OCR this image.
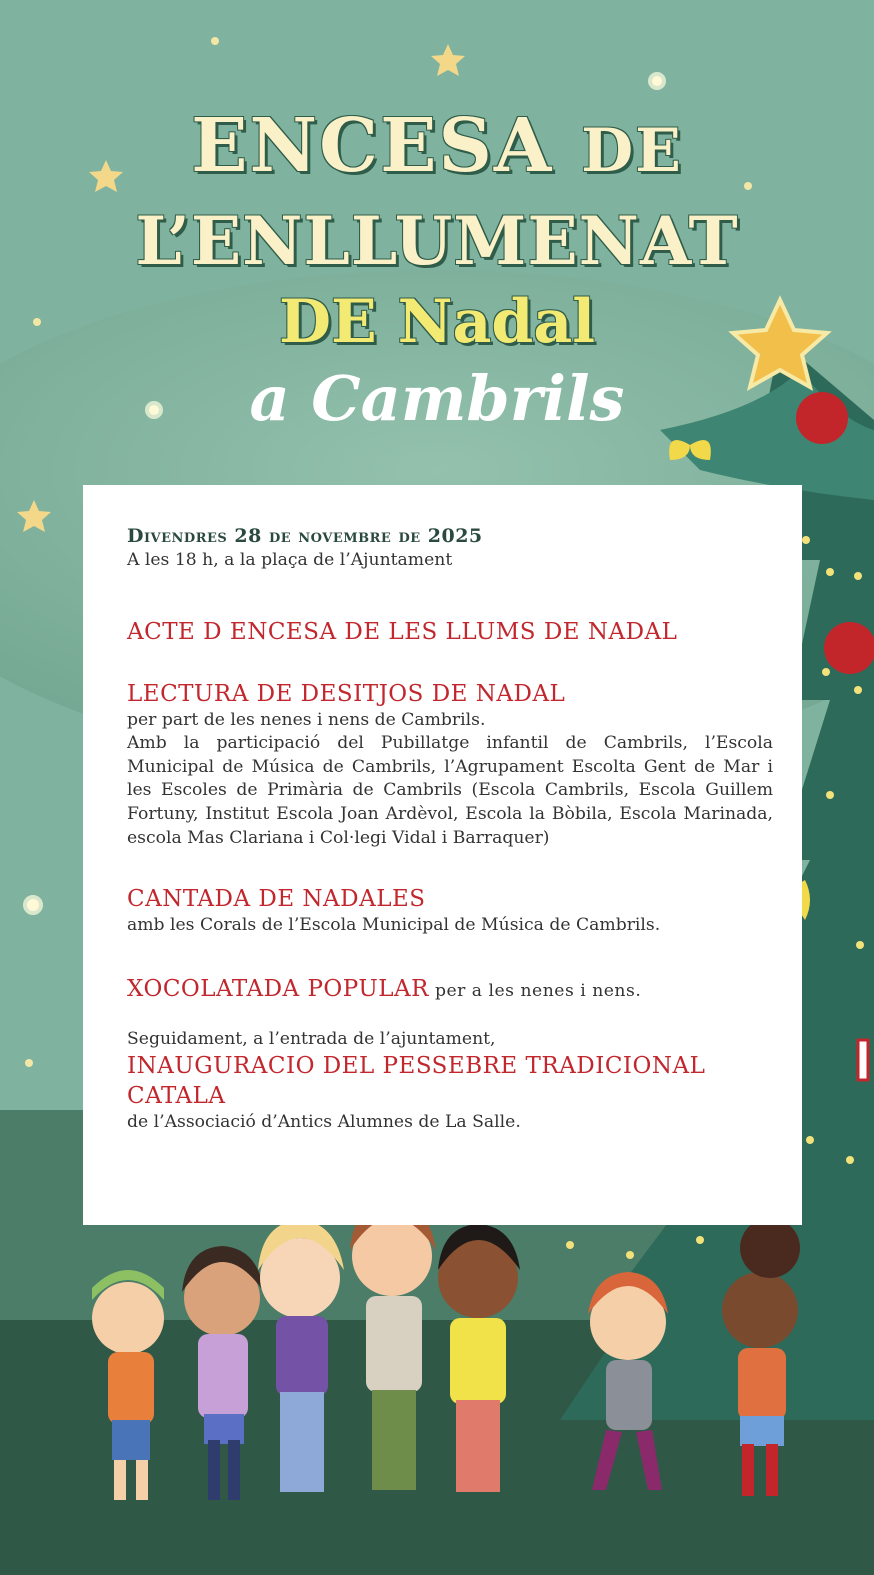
ENCESA DE
L’ENLLUMENAT
DE Nadal
a Cambrils

Divendres 28 de novembre de 2025

A les 18 h, a la plaça de l’Ajuntament

ACTE D ENCESA DE LES LLUMS DE NADAL

LECTURA DE DESITJOS DE NADAL

per part de les nenes i nens de Cambrils.

Amb la participació del Pubillatge infantil de Cambrils, l’Escola Municipal de Música de Cambrils, l’Agrupament Escolta Gent de Mar i les Escoles de Primària de Cambrils (Escola Cambrils, Escola Guillem Fortuny, Institut Escola Joan Ardèvol, Escola la Bòbila, Escola Marinada, escola Mas Clariana i Col·legi Vidal i Barraquer)

CANTADA DE NADALES

amb les Corals de l’Escola Municipal de Música de Cambrils.

XOCOLATADA POPULAR per a les nenes i nens.

Seguidament, a l’entrada de l’ajuntament,

INAUGURACIO DEL PESSEBRE TRADICIONAL CATALA

de l’Associació d’Antics Alumnes de La Salle.
